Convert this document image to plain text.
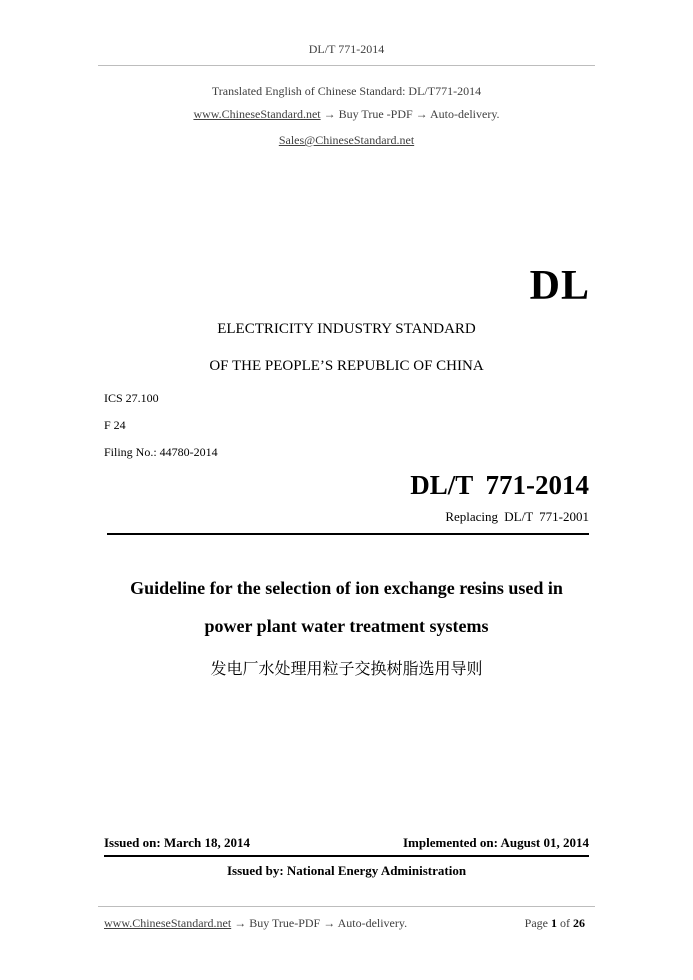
DL/T 771-2014
Translated English of Chinese Standard: DL/T771-2014
www.ChineseStandard.net → Buy True -PDF → Auto-delivery.
Sales@ChineseStandard.net
DL
ELECTRICITY INDUSTRY STANDARD
OF THE PEOPLE’S REPUBLIC OF CHINA
ICS 27.100
F 24
Filing No.: 44780-2014
DL/T 771-2014
Replacing DL/T 771-2001
Guideline for the selection of ion exchange resins used in
power plant water treatment systems
发电厂水处理用粒子交换树脂选用导则
Issued on: March 18, 2014	Implemented on: August 01, 2014
Issued by: National Energy Administration
www.ChineseStandard.net → Buy True-PDF → Auto-delivery.	Page 1 of 26
